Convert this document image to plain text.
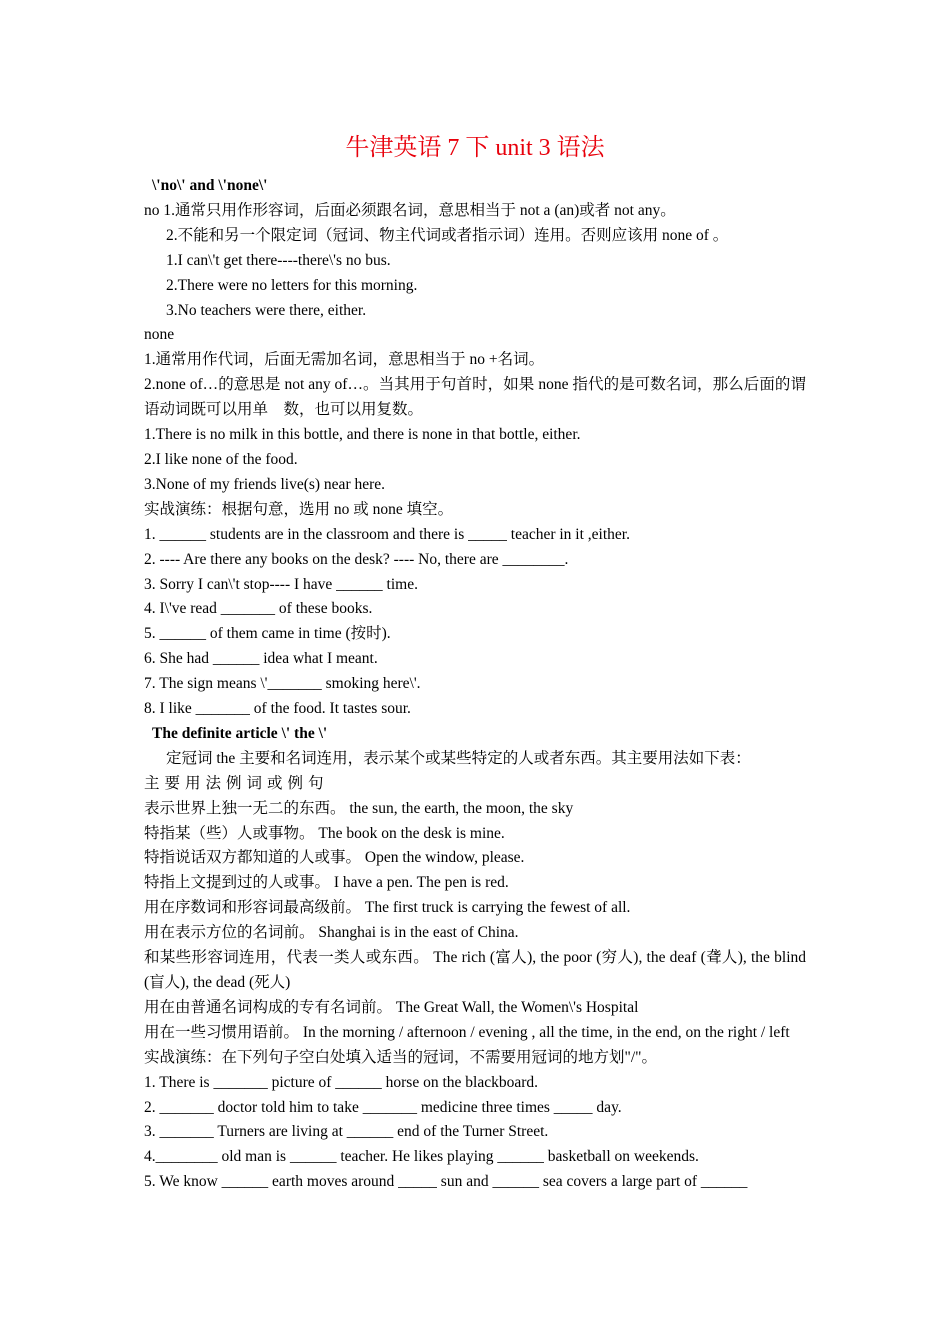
牛津英语 7 下 unit 3 语法
\'no\' and \'none\'
no 1.通常只用作形容词，后面必须跟名词，意思相当于 not a (an)或者 not any。
2.不能和另一个限定词（冠词、物主代词或者指示词）连用。否则应该用 none of 。
1.I can\'t get there----there\'s no bus.
2.There were no letters for this morning.
3.No teachers were there, either.
none
1.通常用作代词，后面无需加名词，意思相当于 no +名词。
2.none of…的意思是 not any of…。当其用于句首时，如果 none 指代的是可数名词，那么后面的谓语动词既可以用单　数，也可以用复数。
1.There is no milk in this bottle, and there is none in that bottle, either.
2.I like none of the food.
3.None of my friends live(s) near here.
实战演练：根据句意，选用 no 或 none 填空。
1. ______ students are in the classroom and there is _____ teacher in it ,either.
2. ---- Are there any books on the desk? ---- No, there are ________.
3. Sorry I can\'t stop---- I have ______ time.
4. I\'ve read _______ of these books.
5. ______ of them came in time (按时).
6. She had ______ idea what I meant.
7. The sign means \'_______ smoking here\'.
8. I like _______ of the food. It tastes sour.
The definite article \' the \'
定冠词 the 主要和名词连用，表示某个或某些特定的人或者东西。其主要用法如下表：
主要用法例词或例句
表示世界上独一无二的东西。 the sun, the earth, the moon, the sky
特指某（些）人或事物。 The book on the desk is mine.
特指说话双方都知道的人或事。 Open the window, please.
特指上文提到过的人或事。 I have a pen. The pen is red.
用在序数词和形容词最高级前。 The first truck is carrying the fewest of all.
用在表示方位的名词前。 Shanghai is in the east of China.
和某些形容词连用，代表一类人或东西。 The rich (富人), the poor (穷人), the deaf (聋人), the blind (盲人), the dead (死人)
用在由普通名词构成的专有名词前。 The Great Wall, the Women\'s Hospital
用在一些习惯用语前。 In the morning / afternoon / evening , all the time, in the end, on the right / left
实战演练：在下列句子空白处填入适当的冠词，不需要用冠词的地方划"/"。
1. There is _______ picture of ______ horse on the blackboard.
2. _______ doctor told him to take _______ medicine three times _____ day.
3. _______ Turners are living at ______ end of the Turner Street.
4.________ old man is ______ teacher. He likes playing ______ basketball on weekends.
5. We know ______ earth moves around _____ sun and ______ sea covers a large part of ______
